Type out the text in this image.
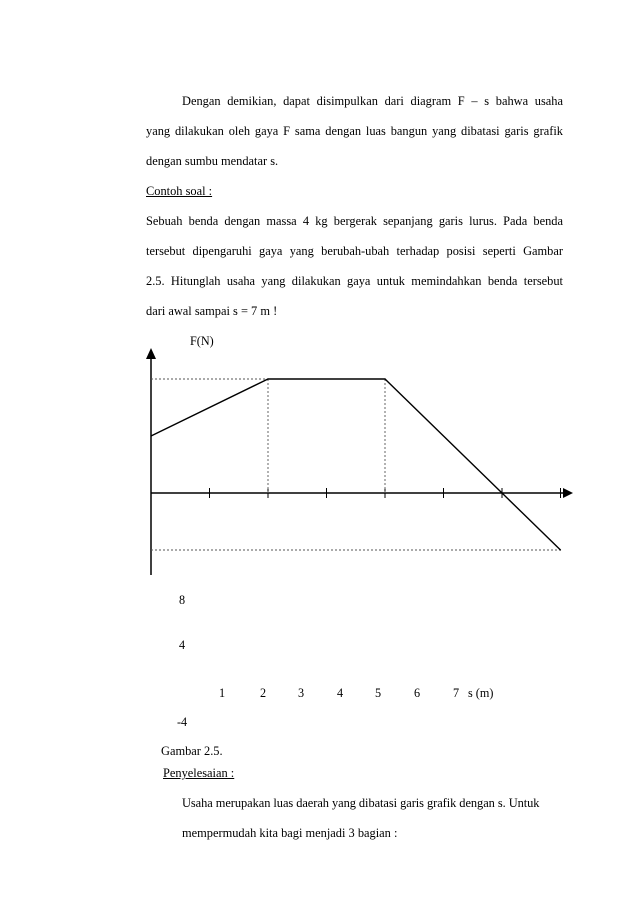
Dengan demikian, dapat disimpulkan dari diagram F – s bahwa usaha
yang dilakukan oleh gaya F sama dengan luas bangun yang dibatasi garis grafik
dengan sumbu mendatar s.
Contoh soal :
Sebuah benda dengan massa 4 kg bergerak sepanjang garis lurus. Pada benda
tersebut dipengaruhi gaya yang berubah-ubah terhadap posisi seperti Gambar
2.5. Hitunglah usaha yang dilakukan gaya untuk memindahkan benda tersebut
dari awal sampai s = 7 m !
F(N)
8
4
-4
1	2	3	4	5	6	7 s (m)
Gambar 2.5.
Penyelesaian :
Usaha merupakan luas daerah yang dibatasi garis grafik dengan s. Untuk
mempermudah kita bagi menjadi 3 bagian :
